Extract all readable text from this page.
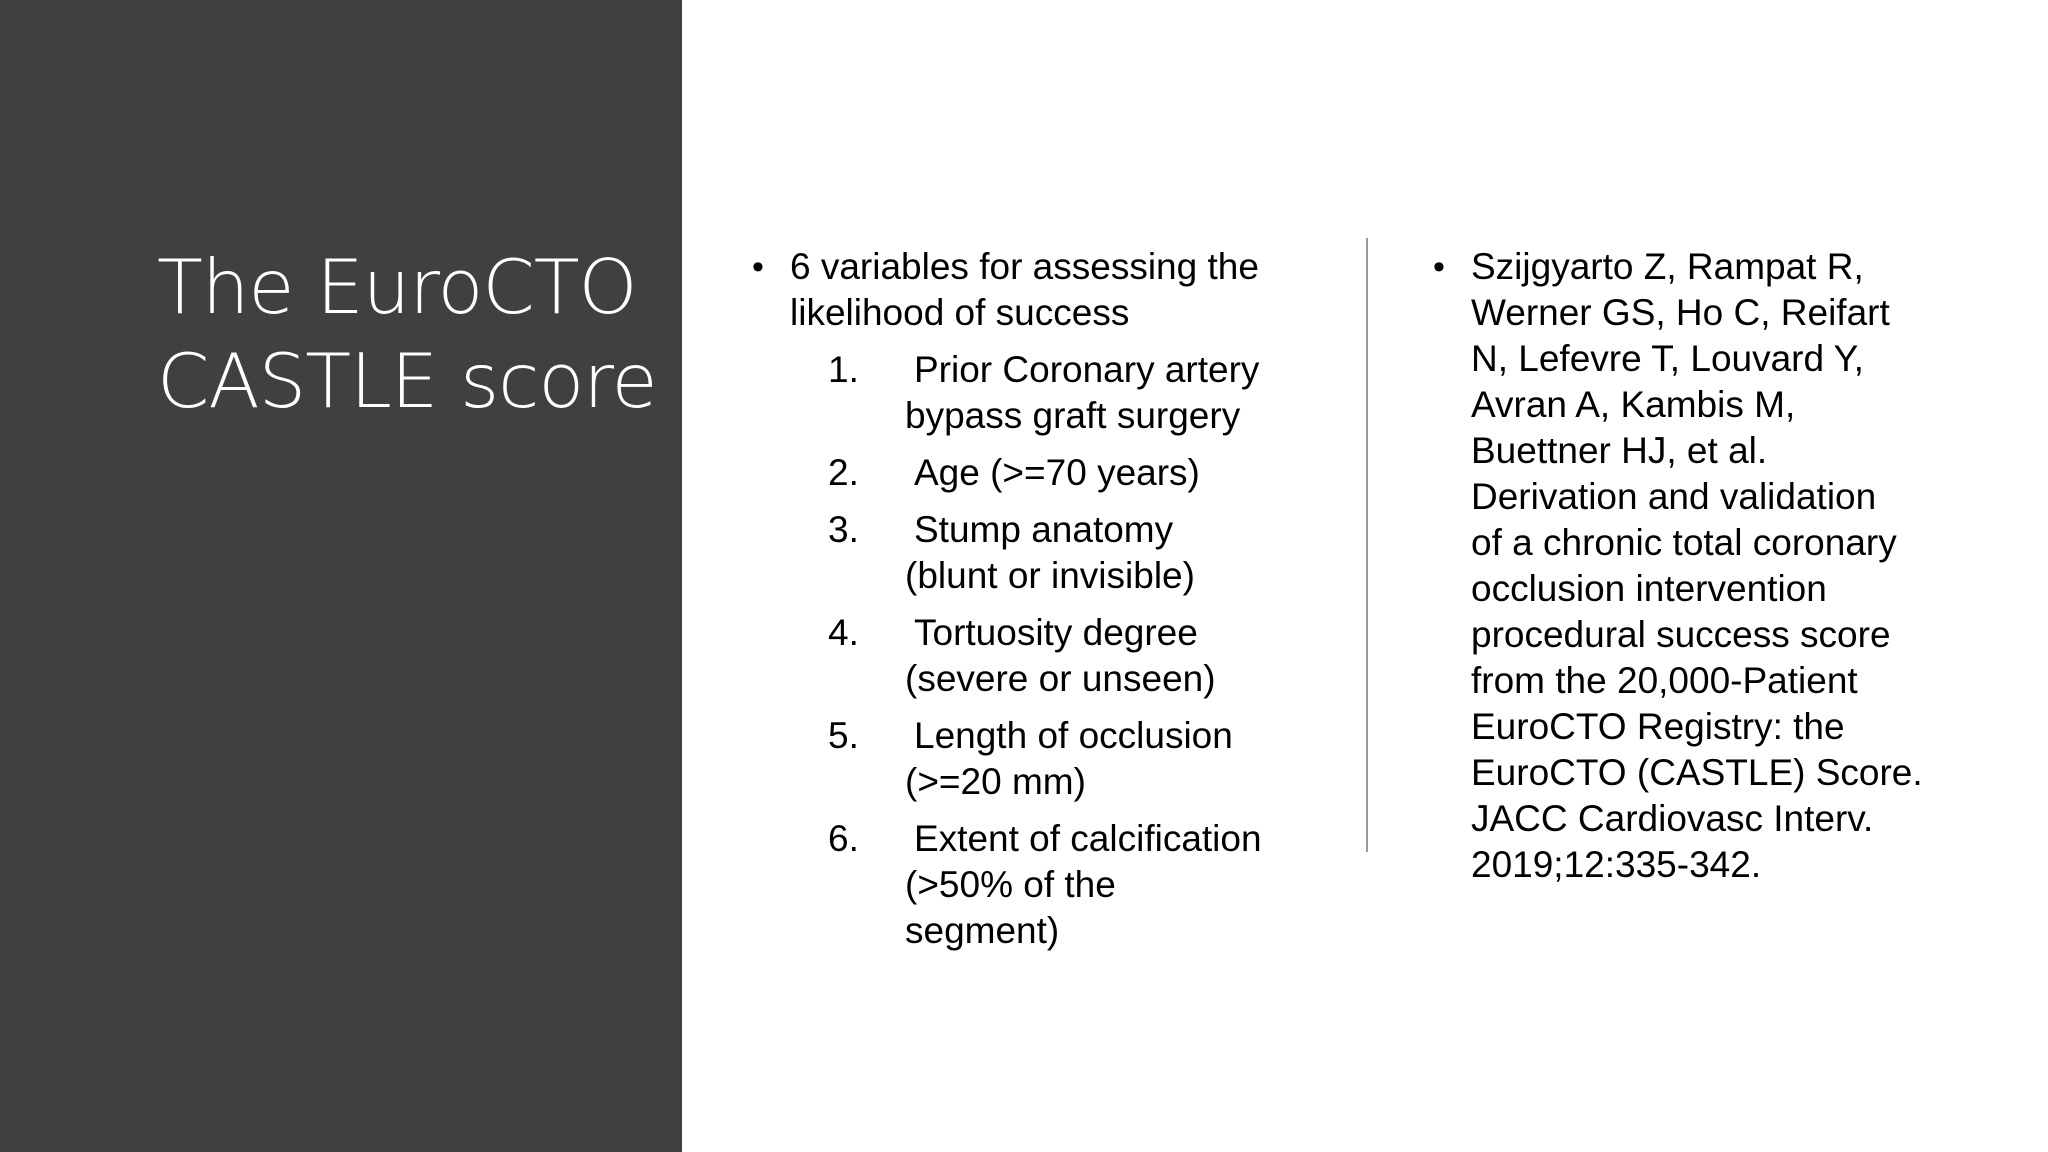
The EuroCTO
CASTLE score
• 6 variables for assessing the
likelihood of success
1. Prior Coronary artery
bypass graft surgery
2. Age (>=70 years)
3. Stump anatomy
(blunt or invisible)
4. Tortuosity degree
(severe or unseen)
5. Length of occlusion
(>=20 mm)
6. Extent of calcification
(>50% of the
segment)
• Szijgyarto Z, Rampat R,
Werner GS, Ho C, Reifart
N, Lefevre T, Louvard Y,
Avran A, Kambis M,
Buettner HJ, et al.
Derivation and validation
of a chronic total coronary
occlusion intervention
procedural success score
from the 20,000-Patient
EuroCTO Registry: the
EuroCTO (CASTLE) Score.
JACC Cardiovasc Interv.
2019;12:335-342.
